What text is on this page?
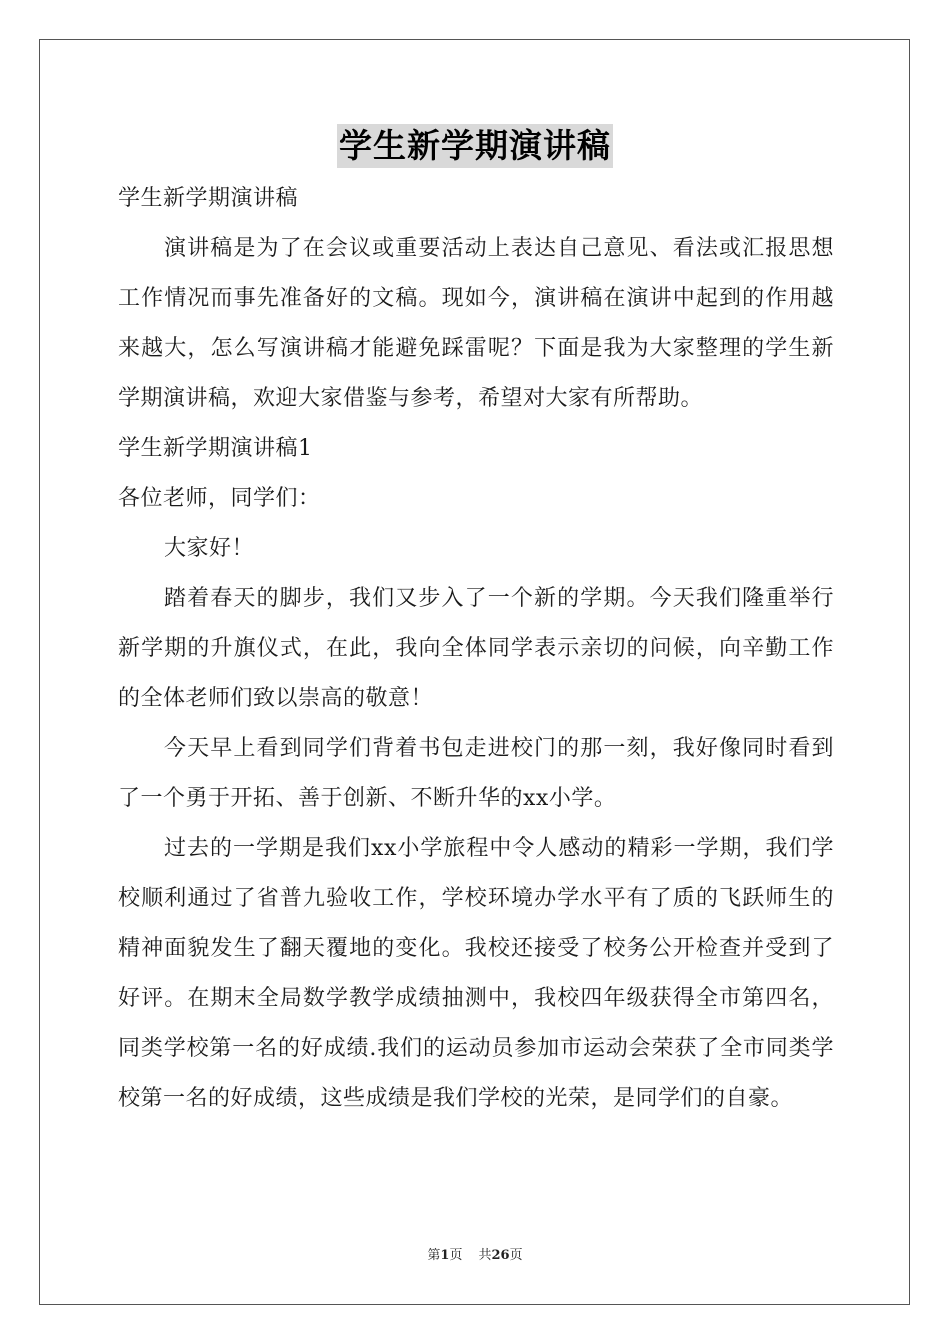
学生新学期演讲稿

学生新学期演讲稿

演讲稿是为了在会议或重要活动上表达自己意见、看法或汇报思想工作情况而事先准备好的文稿。现如今，演讲稿在演讲中起到的作用越来越大，怎么写演讲稿才能避免踩雷呢？下面是我为大家整理的学生新学期演讲稿，欢迎大家借鉴与参考，希望对大家有所帮助。

学生新学期演讲稿1

各位老师，同学们：

大家好！

踏着春天的脚步，我们又步入了一个新的学期。今天我们隆重举行新学期的升旗仪式，在此，我向全体同学表示亲切的问候，向辛勤工作的全体老师们致以崇高的敬意！

今天早上看到同学们背着书包走进校门的那一刻，我好像同时看到了一个勇于开拓、善于创新、不断升华的xx小学。

过去的一学期是我们xx小学旅程中令人感动的精彩一学期，我们学校顺利通过了省普九验收工作，学校环境办学水平有了质的飞跃师生的精神面貌发生了翻天覆地的变化。我校还接受了校务公开检查并受到了好评。在期末全局数学教学成绩抽测中，我校四年级获得全市第四名，同类学校第一名的好成绩.我们的运动员参加市运动会荣获了全市同类学校第一名的好成绩，这些成绩是我们学校的光荣，是同学们的自豪。

第1页 共26页
